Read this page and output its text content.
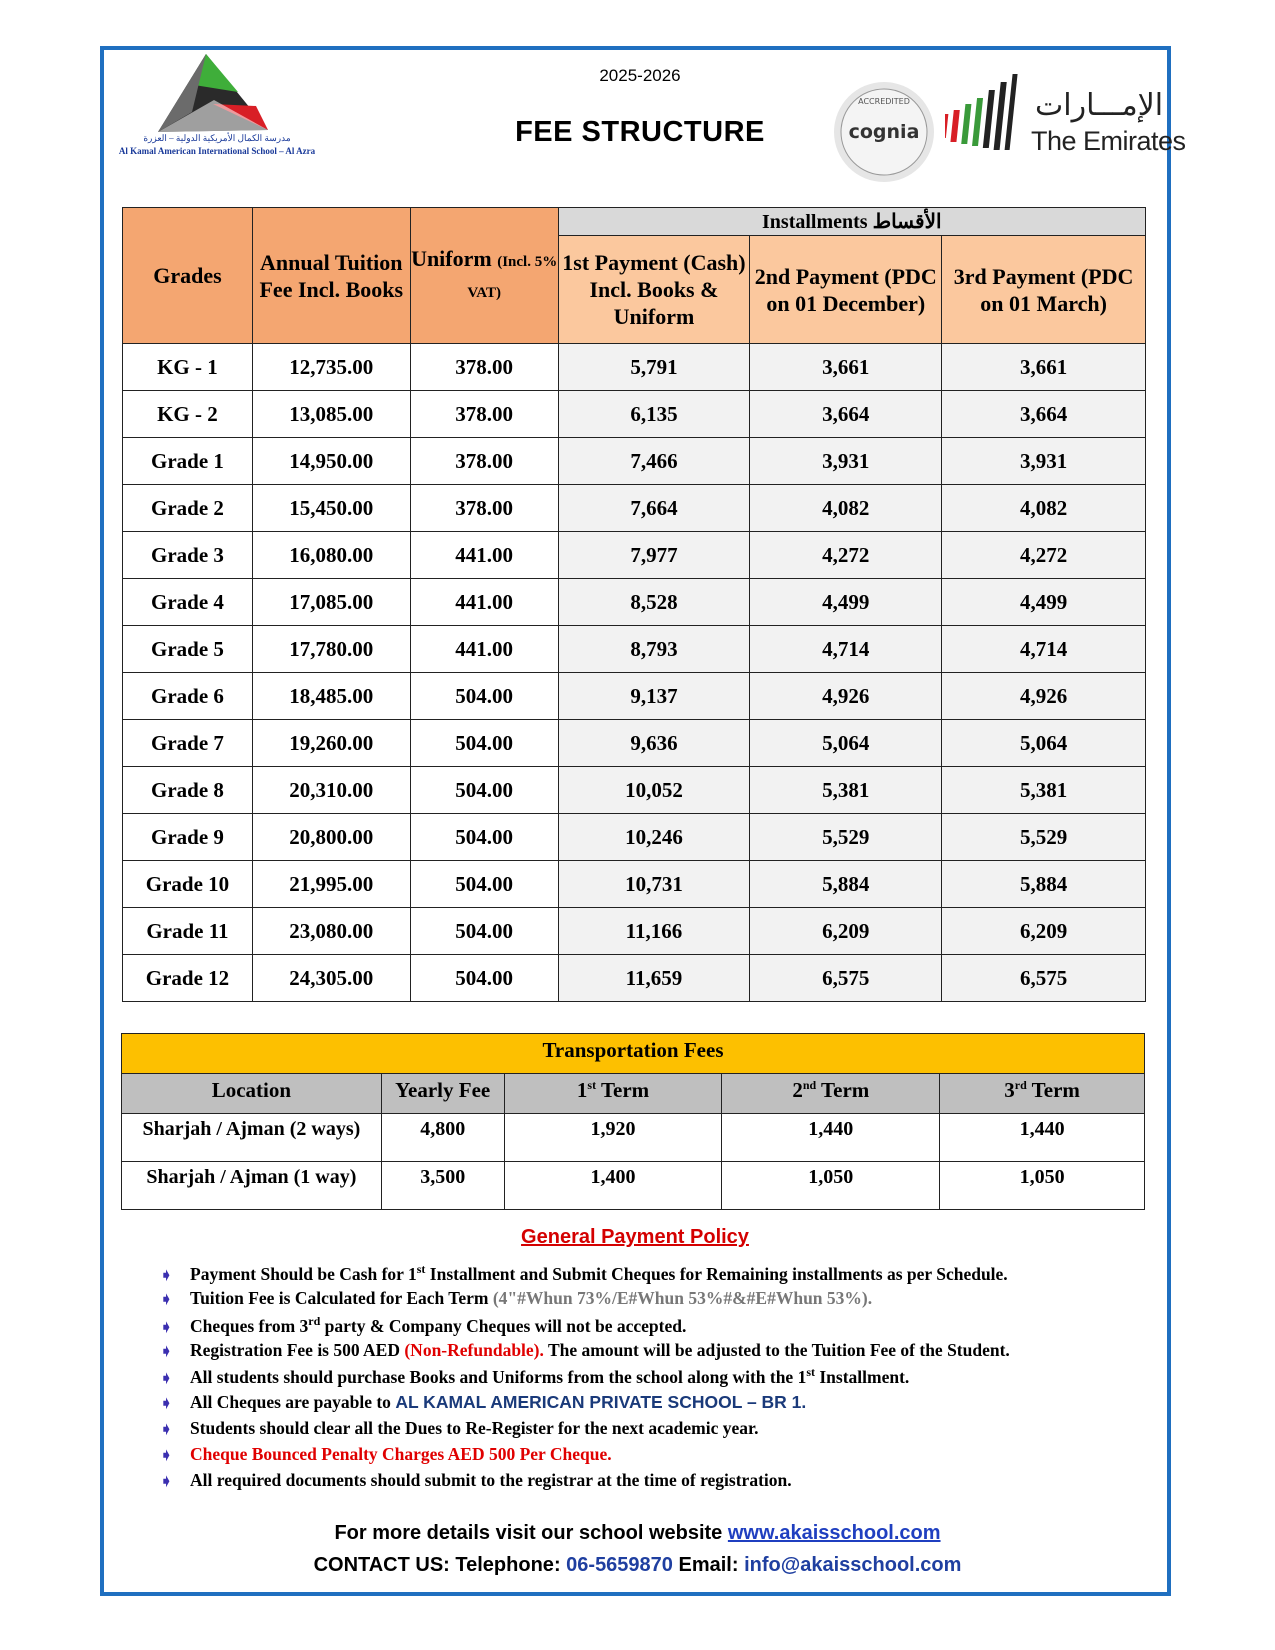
مدرسة الكمال الأمريكية الدولية – العزرة
Al Kamal American International School – Al Azra
2025-2026
FEE STRUCTURE
ACCREDITED
cognia
الإمـــارات
The Emirates
Grades	Annual Tuition Fee Incl. Books	Uniform (Incl. 5% VAT)	Installments الأقساط		
			1st Payment (Cash) Incl. Books & Uniform	2nd Payment (PDC on 01 December)	3rd Payment (PDC on 01 March)
KG - 1	12,735.00	378.00	5,791	3,661	3,661
KG - 2	13,085.00	378.00	6,135	3,664	3,664
Grade 1	14,950.00	378.00	7,466	3,931	3,931
Grade 2	15,450.00	378.00	7,664	4,082	4,082
Grade 3	16,080.00	441.00	7,977	4,272	4,272
Grade 4	17,085.00	441.00	8,528	4,499	4,499
Grade 5	17,780.00	441.00	8,793	4,714	4,714
Grade 6	18,485.00	504.00	9,137	4,926	4,926
Grade 7	19,260.00	504.00	9,636	5,064	5,064
Grade 8	20,310.00	504.00	10,052	5,381	5,381
Grade 9	20,800.00	504.00	10,246	5,529	5,529
Grade 10	21,995.00	504.00	10,731	5,884	5,884
Grade 11	23,080.00	504.00	11,166	6,209	6,209
Grade 12	24,305.00	504.00	11,659	6,575	6,575
Transportation Fees				
Location	Yearly Fee	1st Term	2nd Term	3rd Term
Sharjah / Ajman (2 ways)	4,800	1,920	1,440	1,440
Sharjah / Ajman (1 way)	3,500	1,400	1,050	1,050
General Payment Policy
➧ Payment Should be Cash for 1st Installment and Submit Cheques for Remaining installments as per Schedule.
➧ Tuition Fee is Calculated for Each Term (4"#Whun 73%/E#Whun 53%#&#E#Whun 53%).
➧ Cheques from 3rd party & Company Cheques will not be accepted.
➧ Registration Fee is 500 AED (Non-Refundable). The amount will be adjusted to the Tuition Fee of the Student.
➧ All students should purchase Books and Uniforms from the school along with the 1st Installment.
➧ All Cheques are payable to AL KAMAL AMERICAN PRIVATE SCHOOL – BR 1.
➧ Students should clear all the Dues to Re-Register for the next academic year.
➧ Cheque Bounced Penalty Charges AED 500 Per Cheque.
➧ All required documents should submit to the registrar at the time of registration.
For more details visit our school website www.akaisschool.com
CONTACT US: Telephone: 06-5659870 Email: info@akaisschool.com
